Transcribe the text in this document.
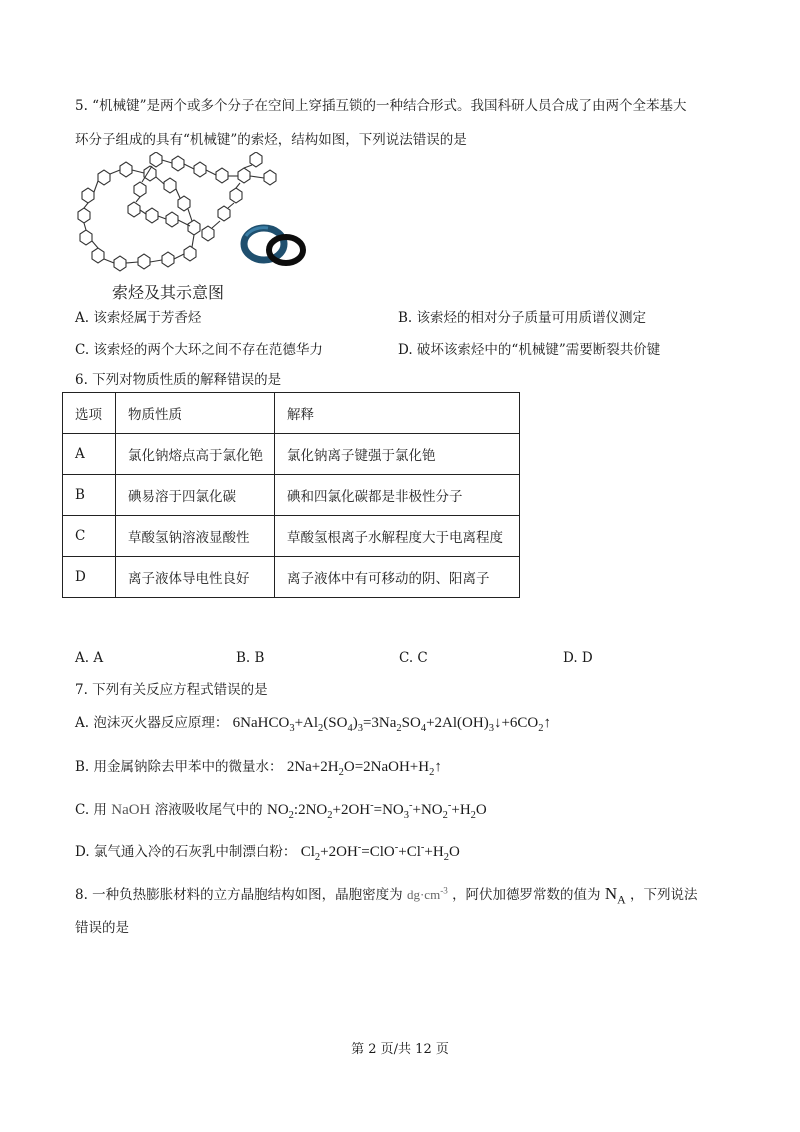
5. “机械键”是两个或多个分子在空间上穿插互锁的一种结合形式。我国科研人员合成了由两个全苯基大
环分子组成的具有“机械键”的索烃，结构如图，下列说法错误的是
索烃及其示意图
A. 该索烃属于芳香烃	B. 该索烃的相对分子质量可用质谱仪测定
C. 该索烃的两个大环之间不存在范德华力	D. 破坏该索烃中的“机械键”需要断裂共价键
6. 下列对物质性质的解释错误的是
选项	物质性质	解释
A	氯化钠熔点高于氯化铯	氯化钠离子键强于氯化铯
B	碘易溶于四氯化碳	碘和四氯化碳都是非极性分子
C	草酸氢钠溶液显酸性	草酸氢根离子水解程度大于电离程度
D	离子液体导电性良好	离子液体中有可移动的阴、阳离子
A. A	B. B	C. C	D. D
7. 下列有关反应方程式错误的是
A. 泡沫灭火器反应原理： $6NaHCO_3+Al_2(SO_4)_3=3Na_2SO_4+2Al(OH)_3↓+6CO_2↑$
B. 用金属钠除去甲苯中的微量水： $2Na+2H_2O=2NaOH+H_2↑$
C. 用 NaOH 溶液吸收尾气中的 $NO_2:2NO_2+2OH^-=NO_3^-+NO_2^-+H_2O$
D. 氯气通入冷的石灰乳中制漂白粉： $Cl_2+2OH^-=ClO^-+Cl^-+H_2O$
8. 一种负热膨胀材料的立方晶胞结构如图，晶胞密度为 $dg\cdot cm^{-3}$ ，阿伏加德罗常数的值为 $N_A$ ，下列说法
错误的是
第 2 页/共 12 页
